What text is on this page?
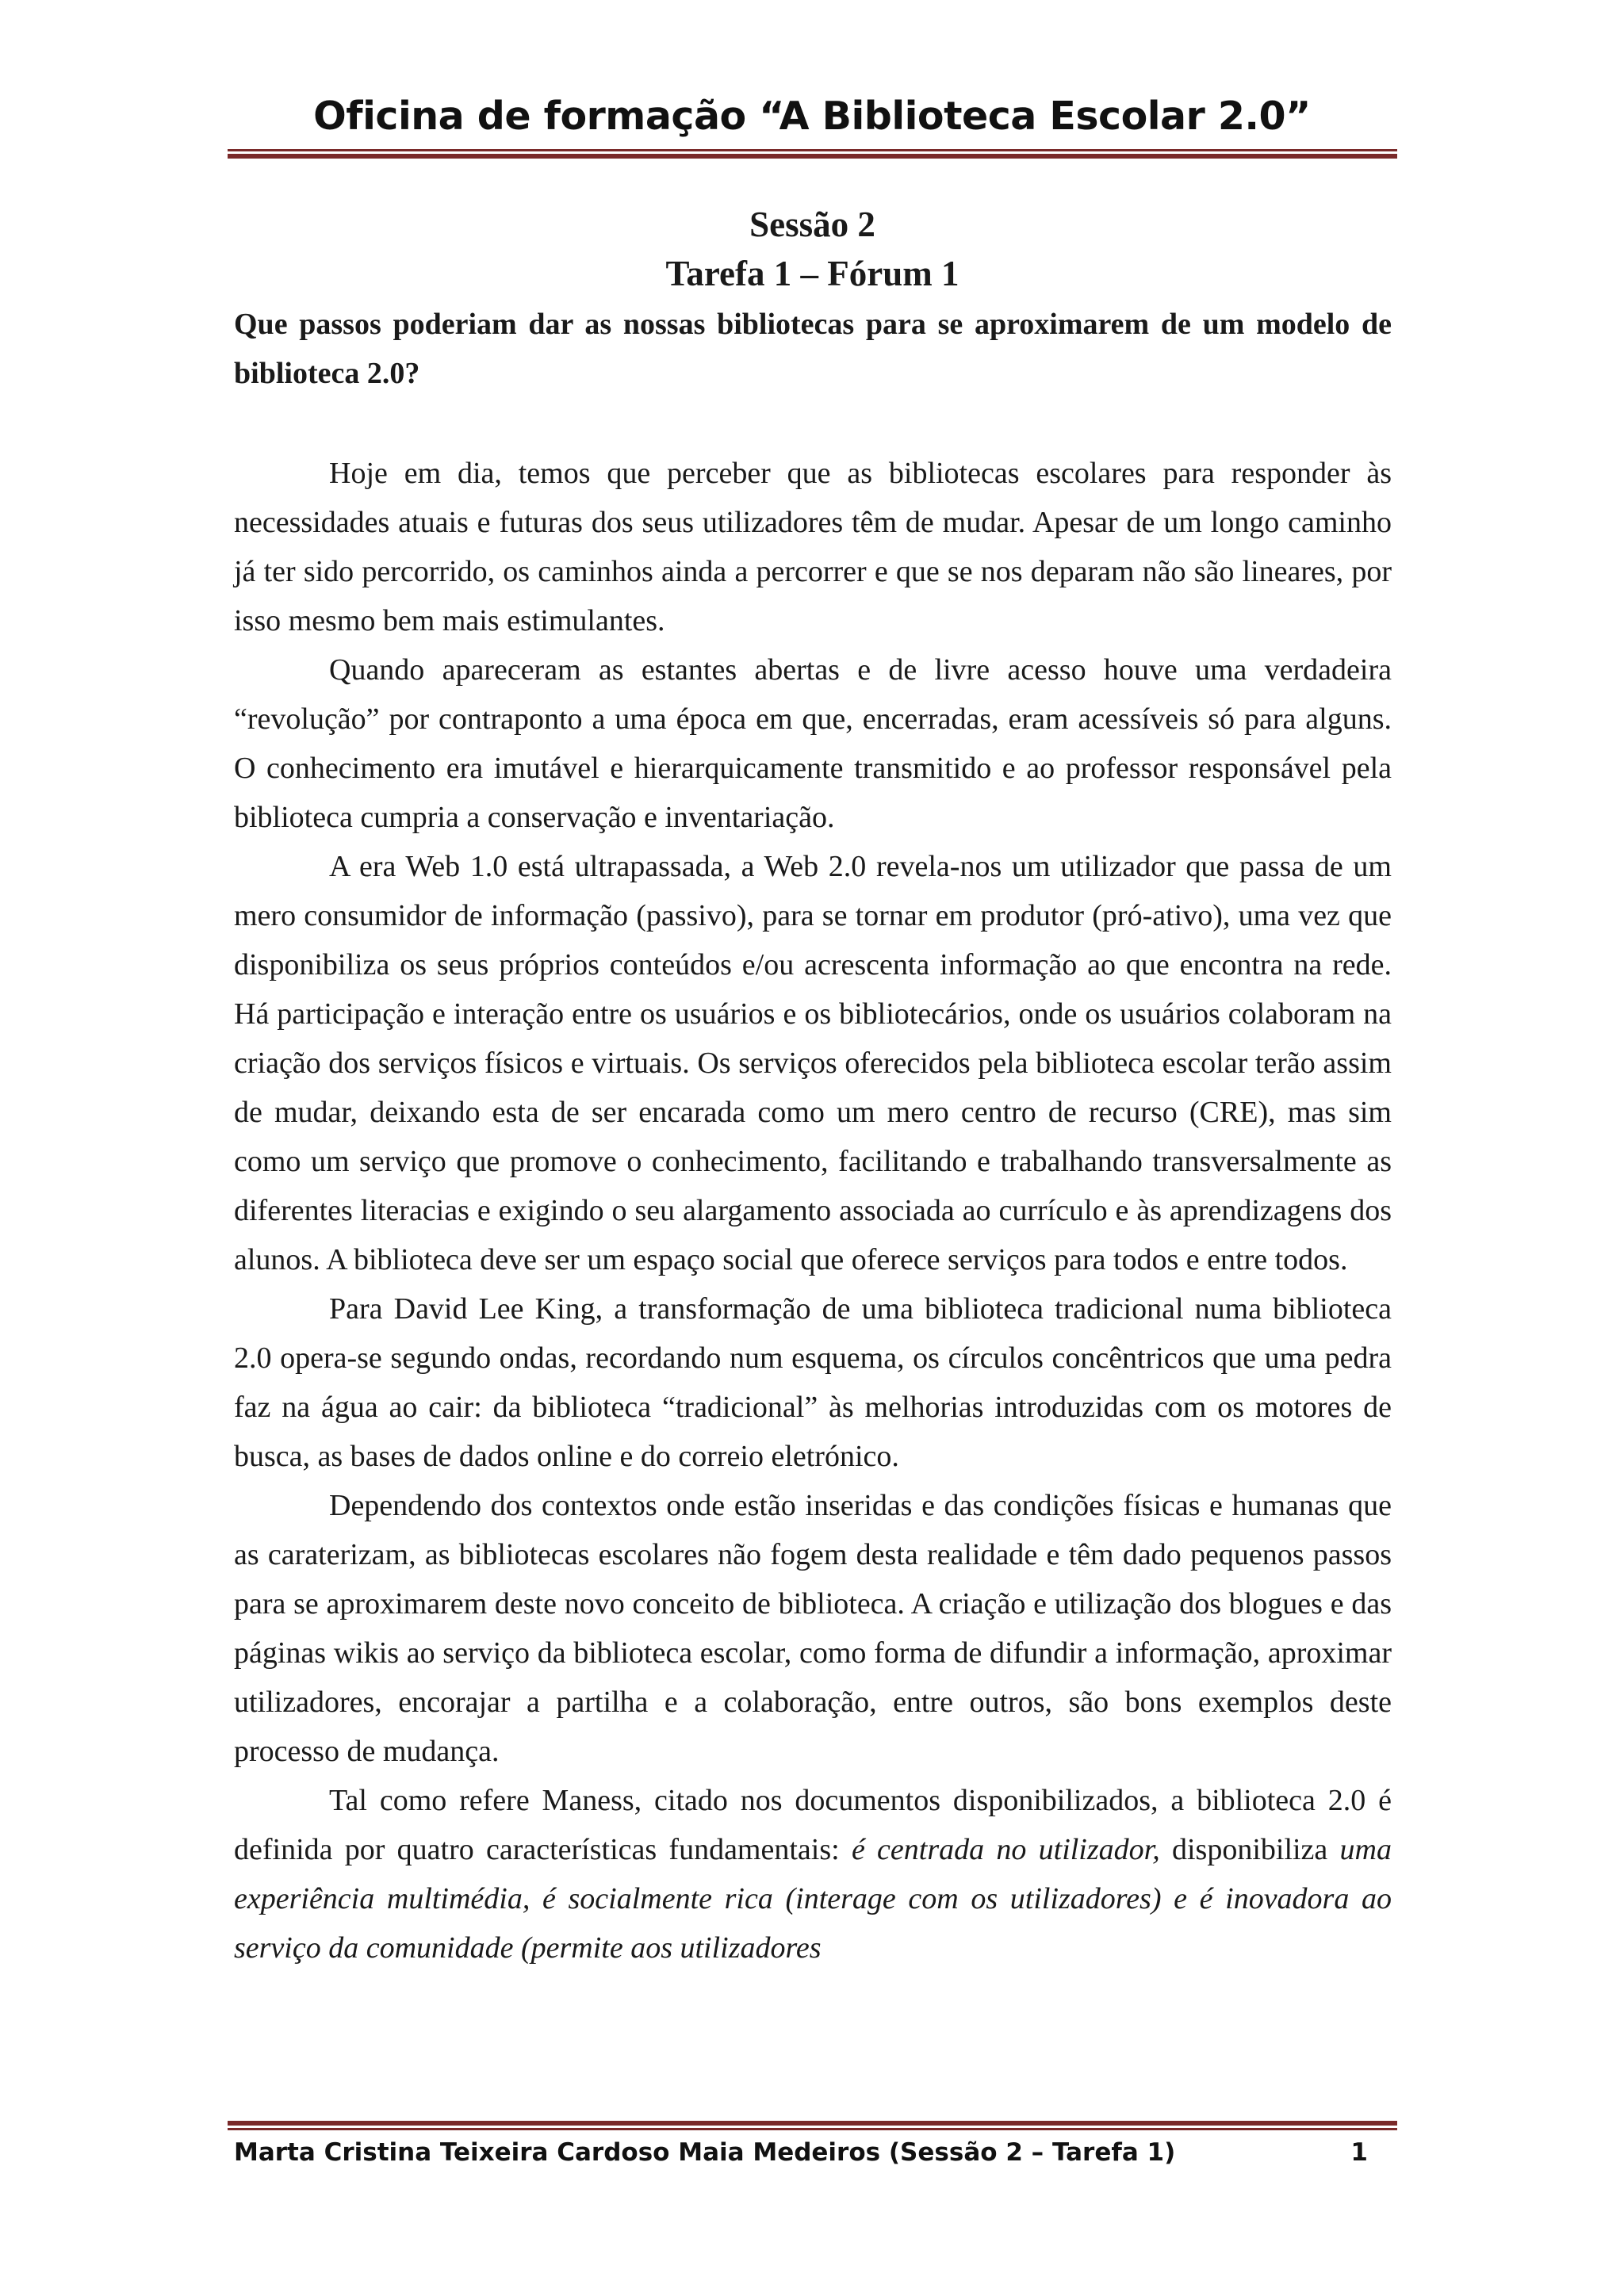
Oficina de formação “A Biblioteca Escolar 2.0”
Sessão 2
Tarefa 1 – Fórum 1
Que passos poderiam dar as nossas bibliotecas para se aproximarem de um modelo de biblioteca 2.0?

Hoje em dia, temos que perceber que as bibliotecas escolares para responder às necessidades atuais e futuras dos seus utilizadores têm de mudar. Apesar de um longo caminho já ter sido percorrido, os caminhos ainda a percorrer e que se nos deparam não são lineares, por isso mesmo bem mais estimulantes.

Quando apareceram as estantes abertas e de livre acesso houve uma verdadeira “revolução” por contraponto a uma época em que, encerradas, eram acessíveis só para alguns. O conhecimento era imutável e hierarquicamente transmitido e ao professor responsável pela biblioteca cumpria a conservação e inventariação.

A era Web 1.0 está ultrapassada, a Web 2.0 revela-nos um utilizador que passa de um mero consumidor de informação (passivo), para se tornar em produtor (pró-ativo), uma vez que disponibiliza os seus próprios conteúdos e/ou acrescenta informação ao que encontra na rede. Há participação e interação entre os usuários e os bibliotecários, onde os usuários colaboram na criação dos serviços físicos e virtuais. Os serviços oferecidos pela biblioteca escolar terão assim de mudar, deixando esta de ser encarada como um mero centro de recurso (CRE), mas sim como um serviço que promove o conhecimento, facilitando e trabalhando transversalmente as diferentes literacias e exigindo o seu alargamento associada ao currículo e às aprendizagens dos alunos. A biblioteca deve ser um espaço social que oferece serviços para todos e entre todos.

Para David Lee King, a transformação de uma biblioteca tradicional numa biblioteca 2.0 opera-se segundo ondas, recordando num esquema, os círculos concêntricos que uma pedra faz na água ao cair: da biblioteca “tradicional” às melhorias introduzidas com os motores de busca, as bases de dados online e do correio eletrónico.

Dependendo dos contextos onde estão inseridas e das condições físicas e humanas que as caraterizam, as bibliotecas escolares não fogem desta realidade e têm dado pequenos passos para se aproximarem deste novo conceito de biblioteca. A criação e utilização dos blogues e das páginas wikis ao serviço da biblioteca escolar, como forma de difundir a informação, aproximar utilizadores, encorajar a partilha e a colaboração, entre outros, são bons exemplos deste processo de mudança.

Tal como refere Maness, citado nos documentos disponibilizados, a biblioteca 2.0 é definida por quatro características fundamentais: é centrada no utilizador, disponibiliza uma experiência multimédia, é socialmente rica (interage com os utilizadores) e é inovadora ao serviço da comunidade (permite aos utilizadores

Marta Cristina Teixeira Cardoso Maia Medeiros (Sessão 2 – Tarefa 1)	1
